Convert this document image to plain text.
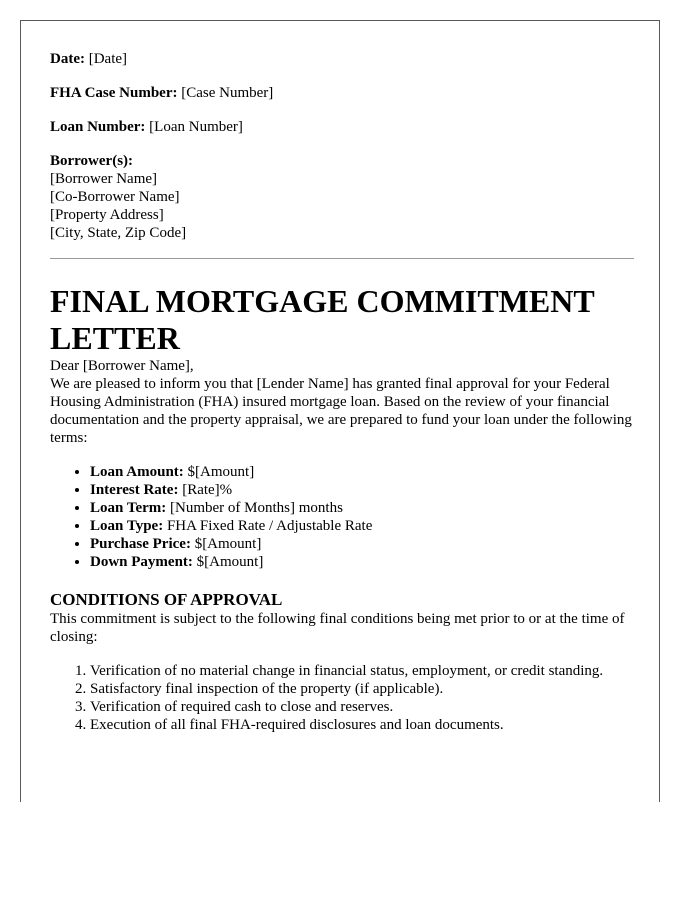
Date: [Date]

FHA Case Number: [Case Number]

Loan Number: [Loan Number]

Borrower(s):
[Borrower Name]
[Co-Borrower Name]
[Property Address]
[City, State, Zip Code]
FINAL MORTGAGE COMMITMENT LETTER

Dear [Borrower Name],

We are pleased to inform you that [Lender Name] has granted final approval for your Federal Housing Administration (FHA) insured mortgage loan. Based on the review of your financial documentation and the property appraisal, we are prepared to fund your loan under the following terms:

• Loan Amount: $[Amount]
• Interest Rate: [Rate]%
• Loan Term: [Number of Months] months
• Loan Type: FHA Fixed Rate / Adjustable Rate
• Purchase Price: $[Amount]
• Down Payment: $[Amount]
CONDITIONS OF APPROVAL

This commitment is subject to the following final conditions being met prior to or at the time of closing:

1. Verification of no material change in financial status, employment, or credit standing.
2. Satisfactory final inspection of the property (if applicable).
3. Verification of required cash to close and reserves.
4. Execution of all final FHA-required disclosures and loan documents.
